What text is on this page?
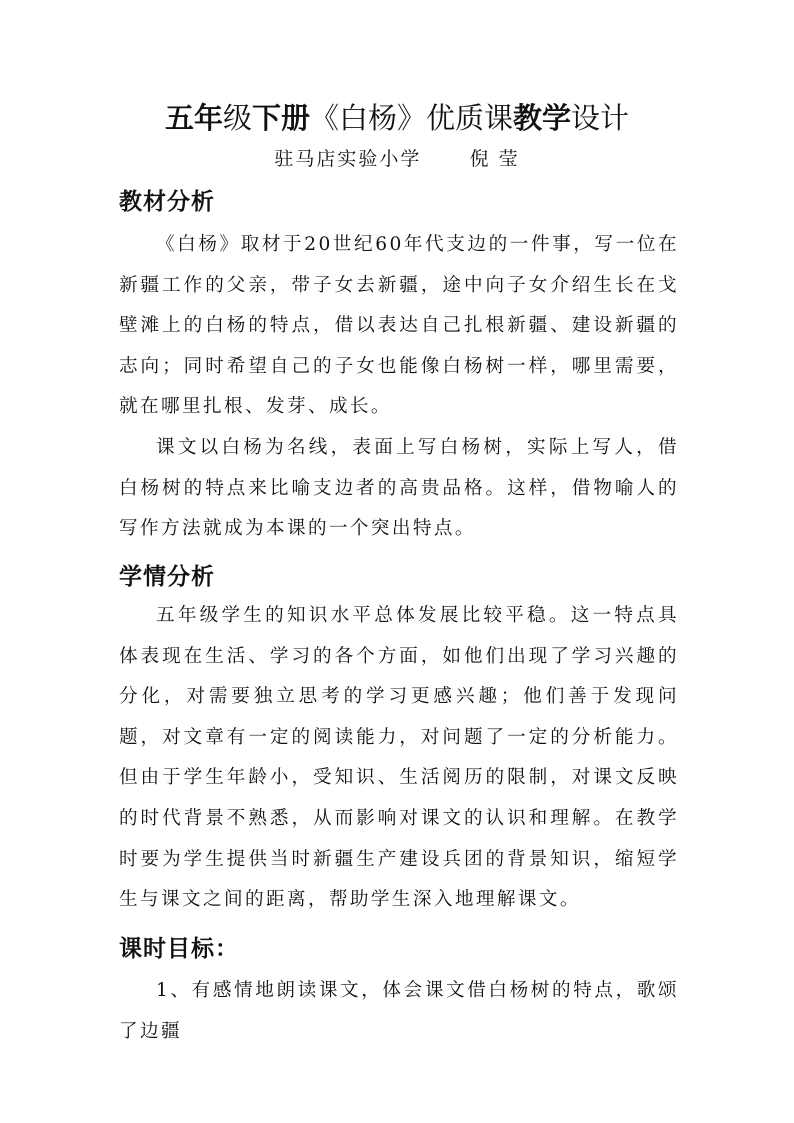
五年级下册《白杨》优质课教学设计
驻马店实验小学      倪 莹
教材分析
《白杨》取材于20世纪60年代支边的一件事，写一位在新疆工作的父亲，带子女去新疆，途中向子女介绍生长在戈壁滩上的白杨的特点，借以表达自己扎根新疆、建设新疆的志向；同时希望自己的子女也能像白杨树一样，哪里需要，就在哪里扎根、发芽、成长。
课文以白杨为名线，表面上写白杨树，实际上写人，借白杨树的特点来比喻支边者的高贵品格。这样，借物喻人的写作方法就成为本课的一个突出特点。
学情分析
五年级学生的知识水平总体发展比较平稳。这一特点具体表现在生活、学习的各个方面，如他们出现了学习兴趣的分化，对需要独立思考的学习更感兴趣；他们善于发现问题，对文章有一定的阅读能力，对问题了一定的分析能力。但由于学生年龄小，受知识、生活阅历的限制，对课文反映的时代背景不熟悉，从而影响对课文的认识和理解。在教学时要为学生提供当时新疆生产建设兵团的背景知识，缩短学生与课文之间的距离，帮助学生深入地理解课文。
课时目标：
1、有感情地朗读课文，体会课文借白杨树的特点，歌颂了边疆
